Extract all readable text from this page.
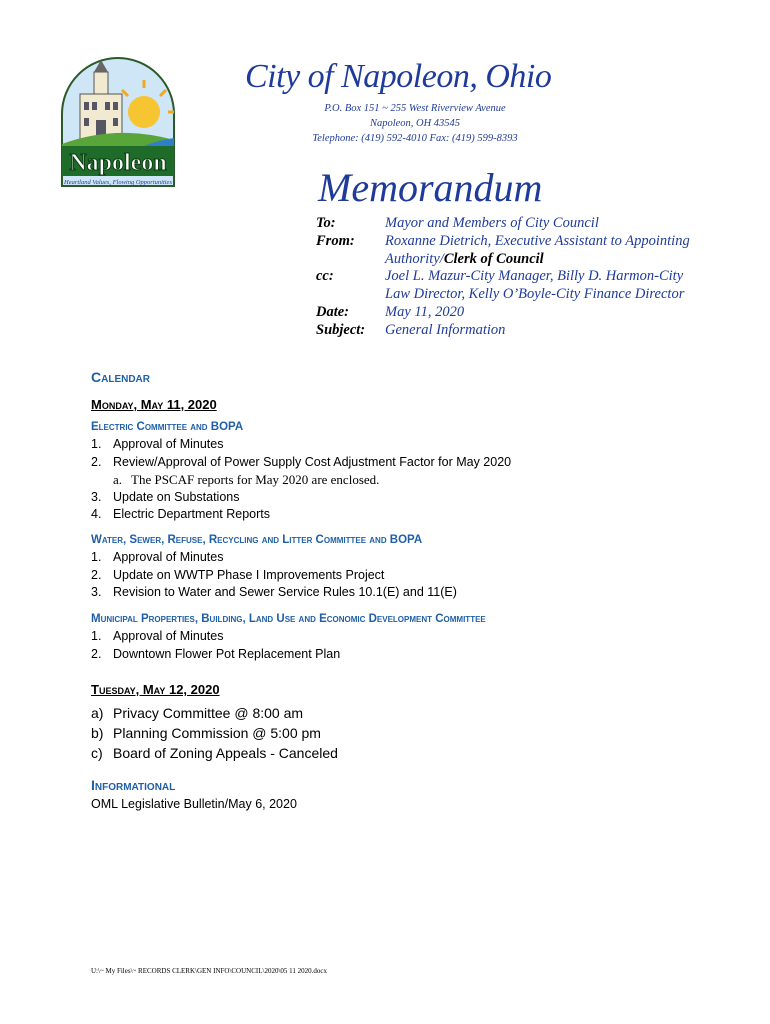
Napoleon
Heartland Values, Flowing Opportunities
City of Napoleon, Ohio
P.O. Box 151 ~ 255 West Riverview Avenue
Napoleon, OH 43545
Telephone: (419) 592-4010 Fax: (419) 599-8393
Memorandum
To:	Mayor and Members of City Council
From:	Roxanne Dietrich, Executive Assistant to Appointing
Authority/Clerk of Council
cc:	Joel L. Mazur-City Manager, Billy D. Harmon-City
Law Director, Kelly O’Boyle-City Finance Director
Date:	May 11, 2020
Subject:	General Information
Calendar
Monday, May 11, 2020
Electric Committee and BOPA
1. Approval of Minutes
2. Review/Approval of Power Supply Cost Adjustment Factor for May 2020
a. The PSCAF reports for May 2020 are enclosed.
3. Update on Substations
4. Electric Department Reports
Water, Sewer, Refuse, Recycling and Litter Committee and BOPA
1. Approval of Minutes
2. Update on WWTP Phase I Improvements Project
3. Revision to Water and Sewer Service Rules 10.1(E) and 11(E)
Municipal Properties, Building, Land Use and Economic Development Committee
1. Approval of Minutes
2. Downtown Flower Pot Replacement Plan
Tuesday, May 12, 2020
a) Privacy Committee @ 8:00 am
b) Planning Commission @ 5:00 pm
c) Board of Zoning Appeals - Canceled
Informational
OML Legislative Bulletin/May 6, 2020
U:\~ My Files\~ RECORDS CLERK\GEN INFO\COUNCIL\2020\05 11 2020.docx
